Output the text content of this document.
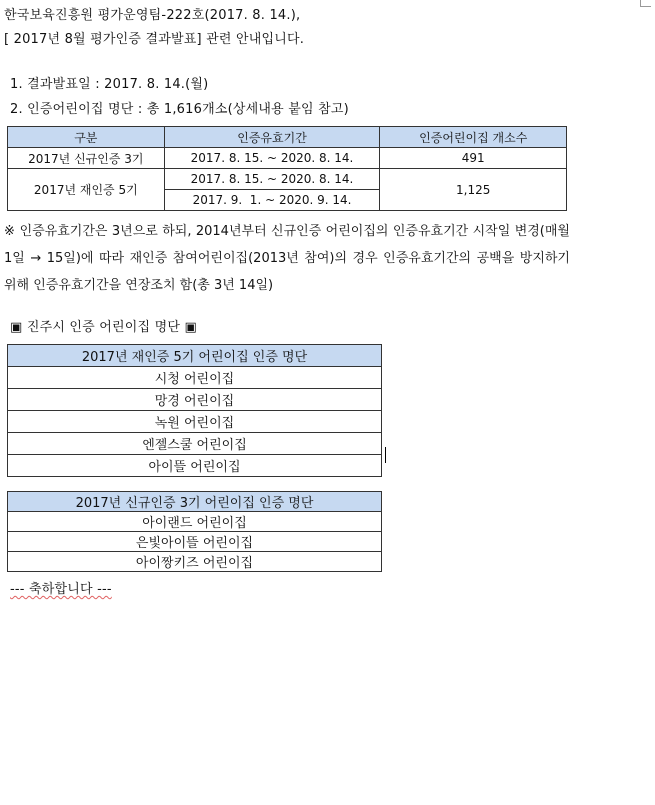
한국보육진흥원 평가운영팀-222호(2017. 8. 14.),
[ 2017년 8월 평가인증 결과발표] 관련 안내입니다.
1. 결과발표일 : 2017. 8. 14.(월)
2. 인증어린이집 명단 : 총 1,616개소(상세내용 붙임 참고)
구분	인증유효기간	인증어린이집 개소수
2017년 신규인증 3기	2017. 8. 15. ~ 2020. 8. 14.	491
2017년 재인증 5기	2017. 8. 15. ~ 2020. 8. 14.	1,125
	2017. 9.  1. ~ 2020. 9. 14.	
※ 인증유효기간은 3년으로 하되, 2014년부터 신규인증 어린이집의 인증유효기간 시작일 변경(매월 1일 → 15일)에 따라 재인증 참여어린이집(2013년 참여)의 경우 인증유효기간의 공백을 방지하기 위해 인증유효기간을 연장조치 함(총 3년 14일)
▣ 진주시 인증 어린이집 명단 ▣
2017년 재인증 5기 어린이집 인증 명단
시청 어린이집
망경 어린이집
녹원 어린이집
엔젤스쿨 어린이집
아이뜰 어린이집
2017년 신규인증 3기 어린이집 인증 명단
아이랜드 어린이집
은빛아이뜰 어린이집
아이짱키즈 어린이집
--- 축하합니다 ---
